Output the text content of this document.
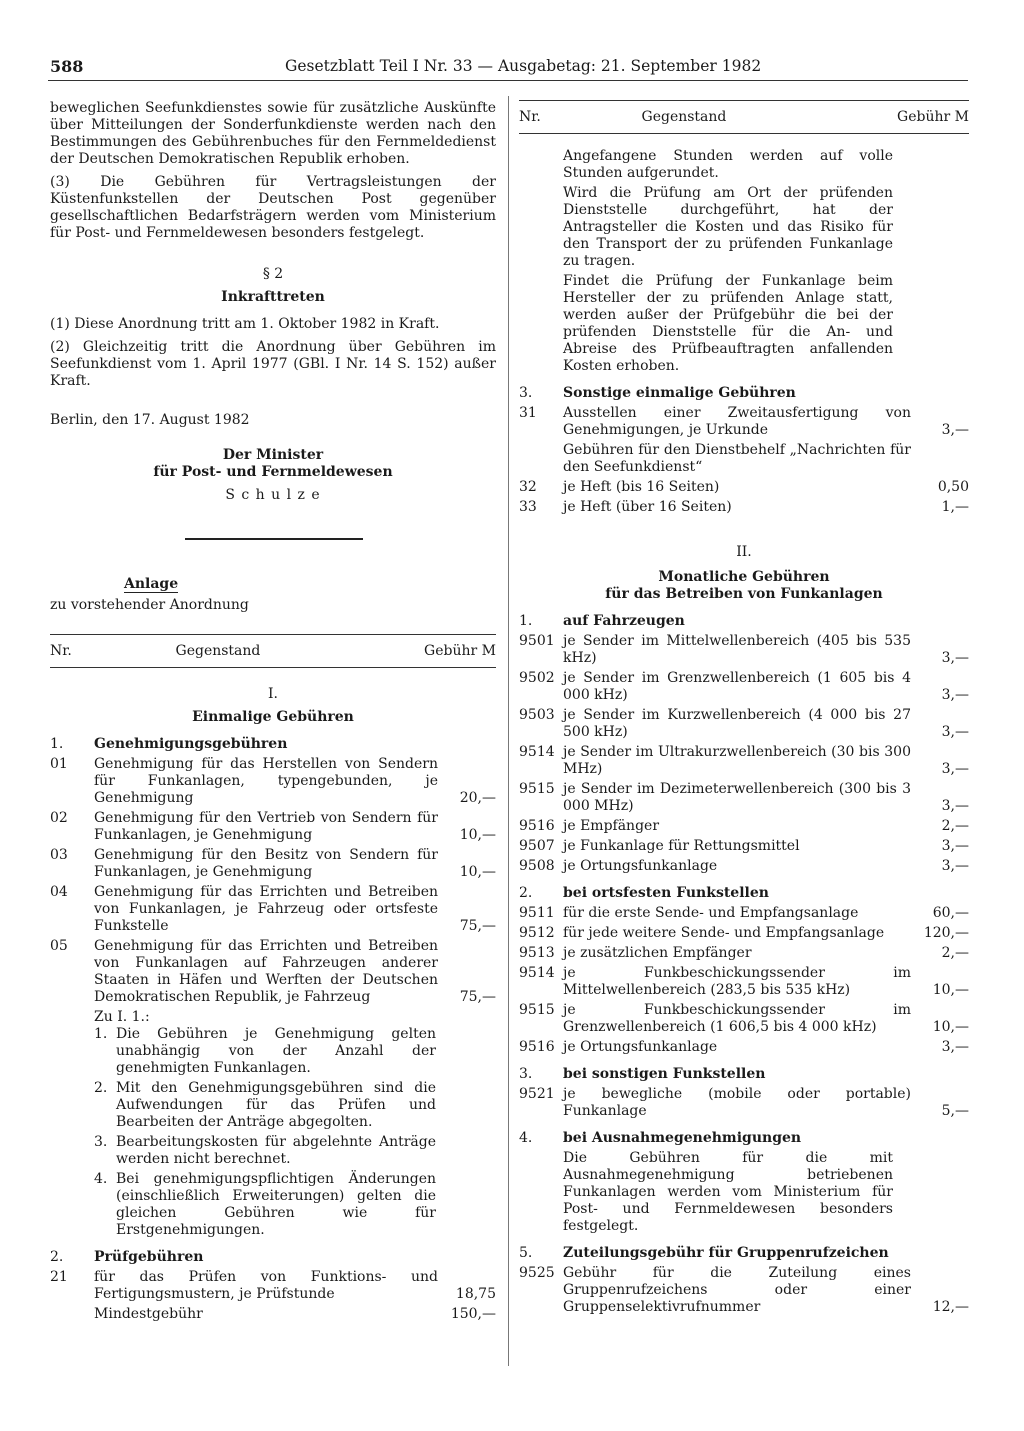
588	Gesetzblatt Teil I Nr. 33 — Ausgabetag: 21. September 1982

beweglichen Seefunkdienstes sowie für zusätzliche Auskünfte über Mitteilungen der Sonderfunkdienste werden nach den Bestimmungen des Gebührenbuches für den Fernmeldedienst der Deutschen Demokratischen Republik erhoben.

(3) Die Gebühren für Vertragsleistungen der Küstenfunkstellen der Deutschen Post gegenüber gesellschaftlichen Bedarfsträgern werden vom Ministerium für Post- und Fernmeldewesen besonders festgelegt.

§ 2

Inkrafttreten

(1) Diese Anordnung tritt am 1. Oktober 1982 in Kraft.

(2) Gleichzeitig tritt die Anordnung über Gebühren im Seefunkdienst vom 1. April 1977 (GBl. I Nr. 14 S. 152) außer Kraft.

Berlin, den 17. August 1982

Der Minister

für Post- und Fernmeldewesen

S c h u l z e

Anlage

zu vorstehender Anordnung

Nr.	Gegenstand	Gebühr M

I.

Einmalige Gebühren

1.	Genehmigungsgebühren
01	Genehmigung für das Herstellen von Sendern für Funkanlagen, typengebunden, je Genehmigung	20,—
02	Genehmigung für den Vertrieb von Sendern für Funkanlagen, je Genehmigung	10,—
03	Genehmigung für den Besitz von Sendern für Funkanlagen, je Genehmigung	10,—
04	Genehmigung für das Errichten und Betreiben von Funkanlagen, je Fahrzeug oder ortsfeste Funkstelle	75,—
05	Genehmigung für das Errichten und Betreiben von Funkanlagen auf Fahrzeugen anderer Staaten in Häfen und Werften der Deutschen Demokratischen Republik, je Fahrzeug	75,—

Zu I. 1.:

1. Die Gebühren je Genehmigung gelten unabhängig von der Anzahl der genehmigten Funkanlagen.
2. Mit den Genehmigungsgebühren sind die Aufwendungen für das Prüfen und Bearbeiten der Anträge abgegolten.
3. Bearbeitungskosten für abgelehnte Anträge werden nicht berechnet.
4. Bei genehmigungspflichtigen Änderungen (einschließlich Erweiterungen) gelten die gleichen Gebühren wie für Erstgenehmigungen.
2.	Prüfgebühren
21	für das Prüfen von Funktions- und Fertigungsmustern, je Prüfstunde	18,75
Mindestgebühr	150,—
Nr.	Gegenstand	Gebühr M

Angefangene Stunden werden auf volle Stunden aufgerundet.

Wird die Prüfung am Ort der prüfenden Dienststelle durchgeführt, hat der Antragsteller die Kosten und das Risiko für den Transport der zu prüfenden Funkanlage zu tragen.

Findet die Prüfung der Funkanlage beim Hersteller der zu prüfenden Anlage statt, werden außer der Prüfgebühr die bei der prüfenden Dienststelle für die An- und Abreise des Prüfbeauftragten anfallenden Kosten erhoben.

3.	Sonstige einmalige Gebühren
31	Ausstellen einer Zweitausfertigung von Genehmigungen, je Urkunde	3,—
Gebühren für den Dienstbehelf „Nachrichten für den Seefunkdienst“
32	je Heft (bis 16 Seiten)	0,50
33	je Heft (über 16 Seiten)	1,—

II.

Monatliche Gebühren

für das Betreiben von Funkanlagen

1.	auf Fahrzeugen
9501 je Sender im Mittelwellenbereich (405 bis 535 kHz)	3,—
9502 je Sender im Grenzwellenbereich (1 605 bis 4 000 kHz)	3,—
9503 je Sender im Kurzwellenbereich (4 000 bis 27 500 kHz)	3,—
9514 je Sender im Ultrakurzwellenbereich (30 bis 300 MHz)	3,—
9515 je Sender im Dezimeterwellenbereich (300 bis 3 000 MHz)	3,—
9516 je Empfänger	2,—
9507 je Funkanlage für Rettungsmittel	3,—
9508 je Ortungsfunkanlage	3,—
2.	bei ortsfesten Funkstellen
9511 für die erste Sende- und Empfangsanlage	60,—
9512 für jede weitere Sende- und Empfangsanlage	120,—
9513 je zusätzlichen Empfänger	2,—
9514 je Funkbeschickungssender im Mittelwellenbereich (283,5 bis 535 kHz)	10,—
9515 je Funkbeschickungssender im Grenzwellenbereich (1 606,5 bis 4 000 kHz)	10,—
9516 je Ortungsfunkanlage	3,—
3.	bei sonstigen Funkstellen
9521 je bewegliche (mobile oder portable) Funkanlage	5,—
4.	bei Ausnahmegenehmigungen

Die Gebühren für die mit Ausnahmegenehmigung betriebenen Funkanlagen werden vom Ministerium für Post- und Fernmeldewesen besonders festgelegt.

5.	Zuteilungsgebühr für Gruppenrufzeichen
9525 Gebühr für die Zuteilung eines Gruppenrufzeichens oder einer Gruppenselektivrufnummer	12,—
